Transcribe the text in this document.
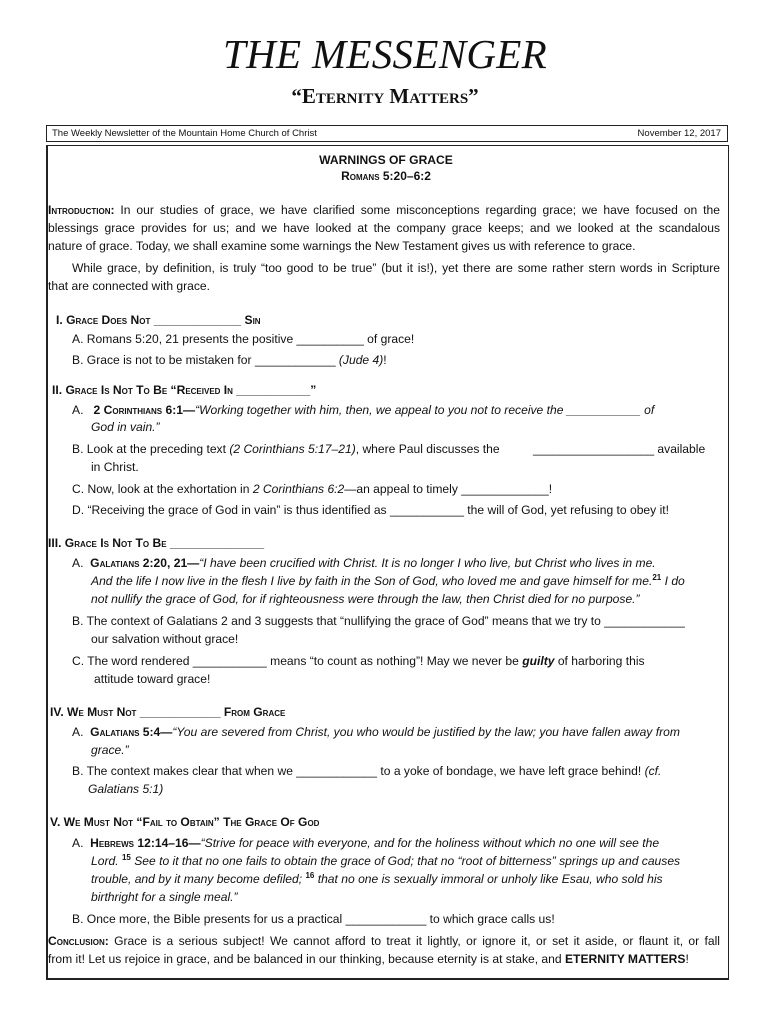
THE MESSENGER
“Eternity Matters”
The Weekly Newsletter of the Mountain Home Church of Christ	November 12, 2017
WARNINGS OF GRACE
Romans 5:20–6:2
Introduction: In our studies of grace, we have clarified some misconceptions regarding grace; we have focused on the
blessings grace provides for us; and we have looked at the company grace keeps; and we looked at the scandalous
nature of grace. Today, we shall examine some warnings the New Testament gives us with reference to grace.
While grace, by definition, is truly “too good to be true” (but it is!), yet there are some rather stern words in Scripture
that are connected with grace.
I. Grace Does Not _____________ Sin
A. Romans 5:20, 21 presents the positive __________ of grace!
B. Grace is not to be mistaken for ____________ (Jude 4)!
II. Grace Is Not To Be “Received In ___________”
A. 2 Corinthians 6:1—“Working together with him, then, we appeal to you not to receive the ___________ of
God in vain.”
B. Look at the preceding text (2 Corinthians 5:17–21), where Paul discusses the	__________________ available
in Christ.
C. Now, look at the exhortation in 2 Corinthians 6:2—an appeal to timely _____________!
D. “Receiving the grace of God in vain” is thus identified as ___________ the will of God, yet refusing to obey it!
III. Grace Is Not To Be ______________
A. Galatians 2:20, 21—“I have been crucified with Christ. It is no longer I who live, but Christ who lives in me.
And the life I now live in the flesh I live by faith in the Son of God, who loved me and gave himself for me.$^{21}$ I do
not nullify the grace of God, for if righteousness were through the law, then Christ died for no purpose.”
B. The context of Galatians 2 and 3 suggests that “nullifying the grace of God” means that we try to ____________
our salvation without grace!
C. The word rendered ___________ means “to count as nothing”! May we never be guilty of harboring this
attitude toward grace!
IV. We Must Not ____________ From Grace
A. Galatians 5:4—“You are severed from Christ, you who would be justified by the law; you have fallen away from
grace.”
B. The context makes clear that when we ____________ to a yoke of bondage, we have left grace behind! (cf.
Galatians 5:1)
V. We Must Not “Fail to Obtain” The Grace Of God
A. Hebrews 12:14–16—“Strive for peace with everyone, and for the holiness without which no one will see the
Lord. $^{15}$ See to it that no one fails to obtain the grace of God; that no “root of bitterness” springs up and causes
trouble, and by it many become defiled; $^{16}$ that no one is sexually immoral or unholy like Esau, who sold his
birthright for a single meal.”
B. Once more, the Bible presents for us a practical ____________ to which grace calls us!
Conclusion: Grace is a serious subject! We cannot afford to treat it lightly, or ignore it, or set it aside, or flaunt it, or fall
from it! Let us rejoice in grace, and be balanced in our thinking, because eternity is at stake, and ETERNITY MATTERS!
